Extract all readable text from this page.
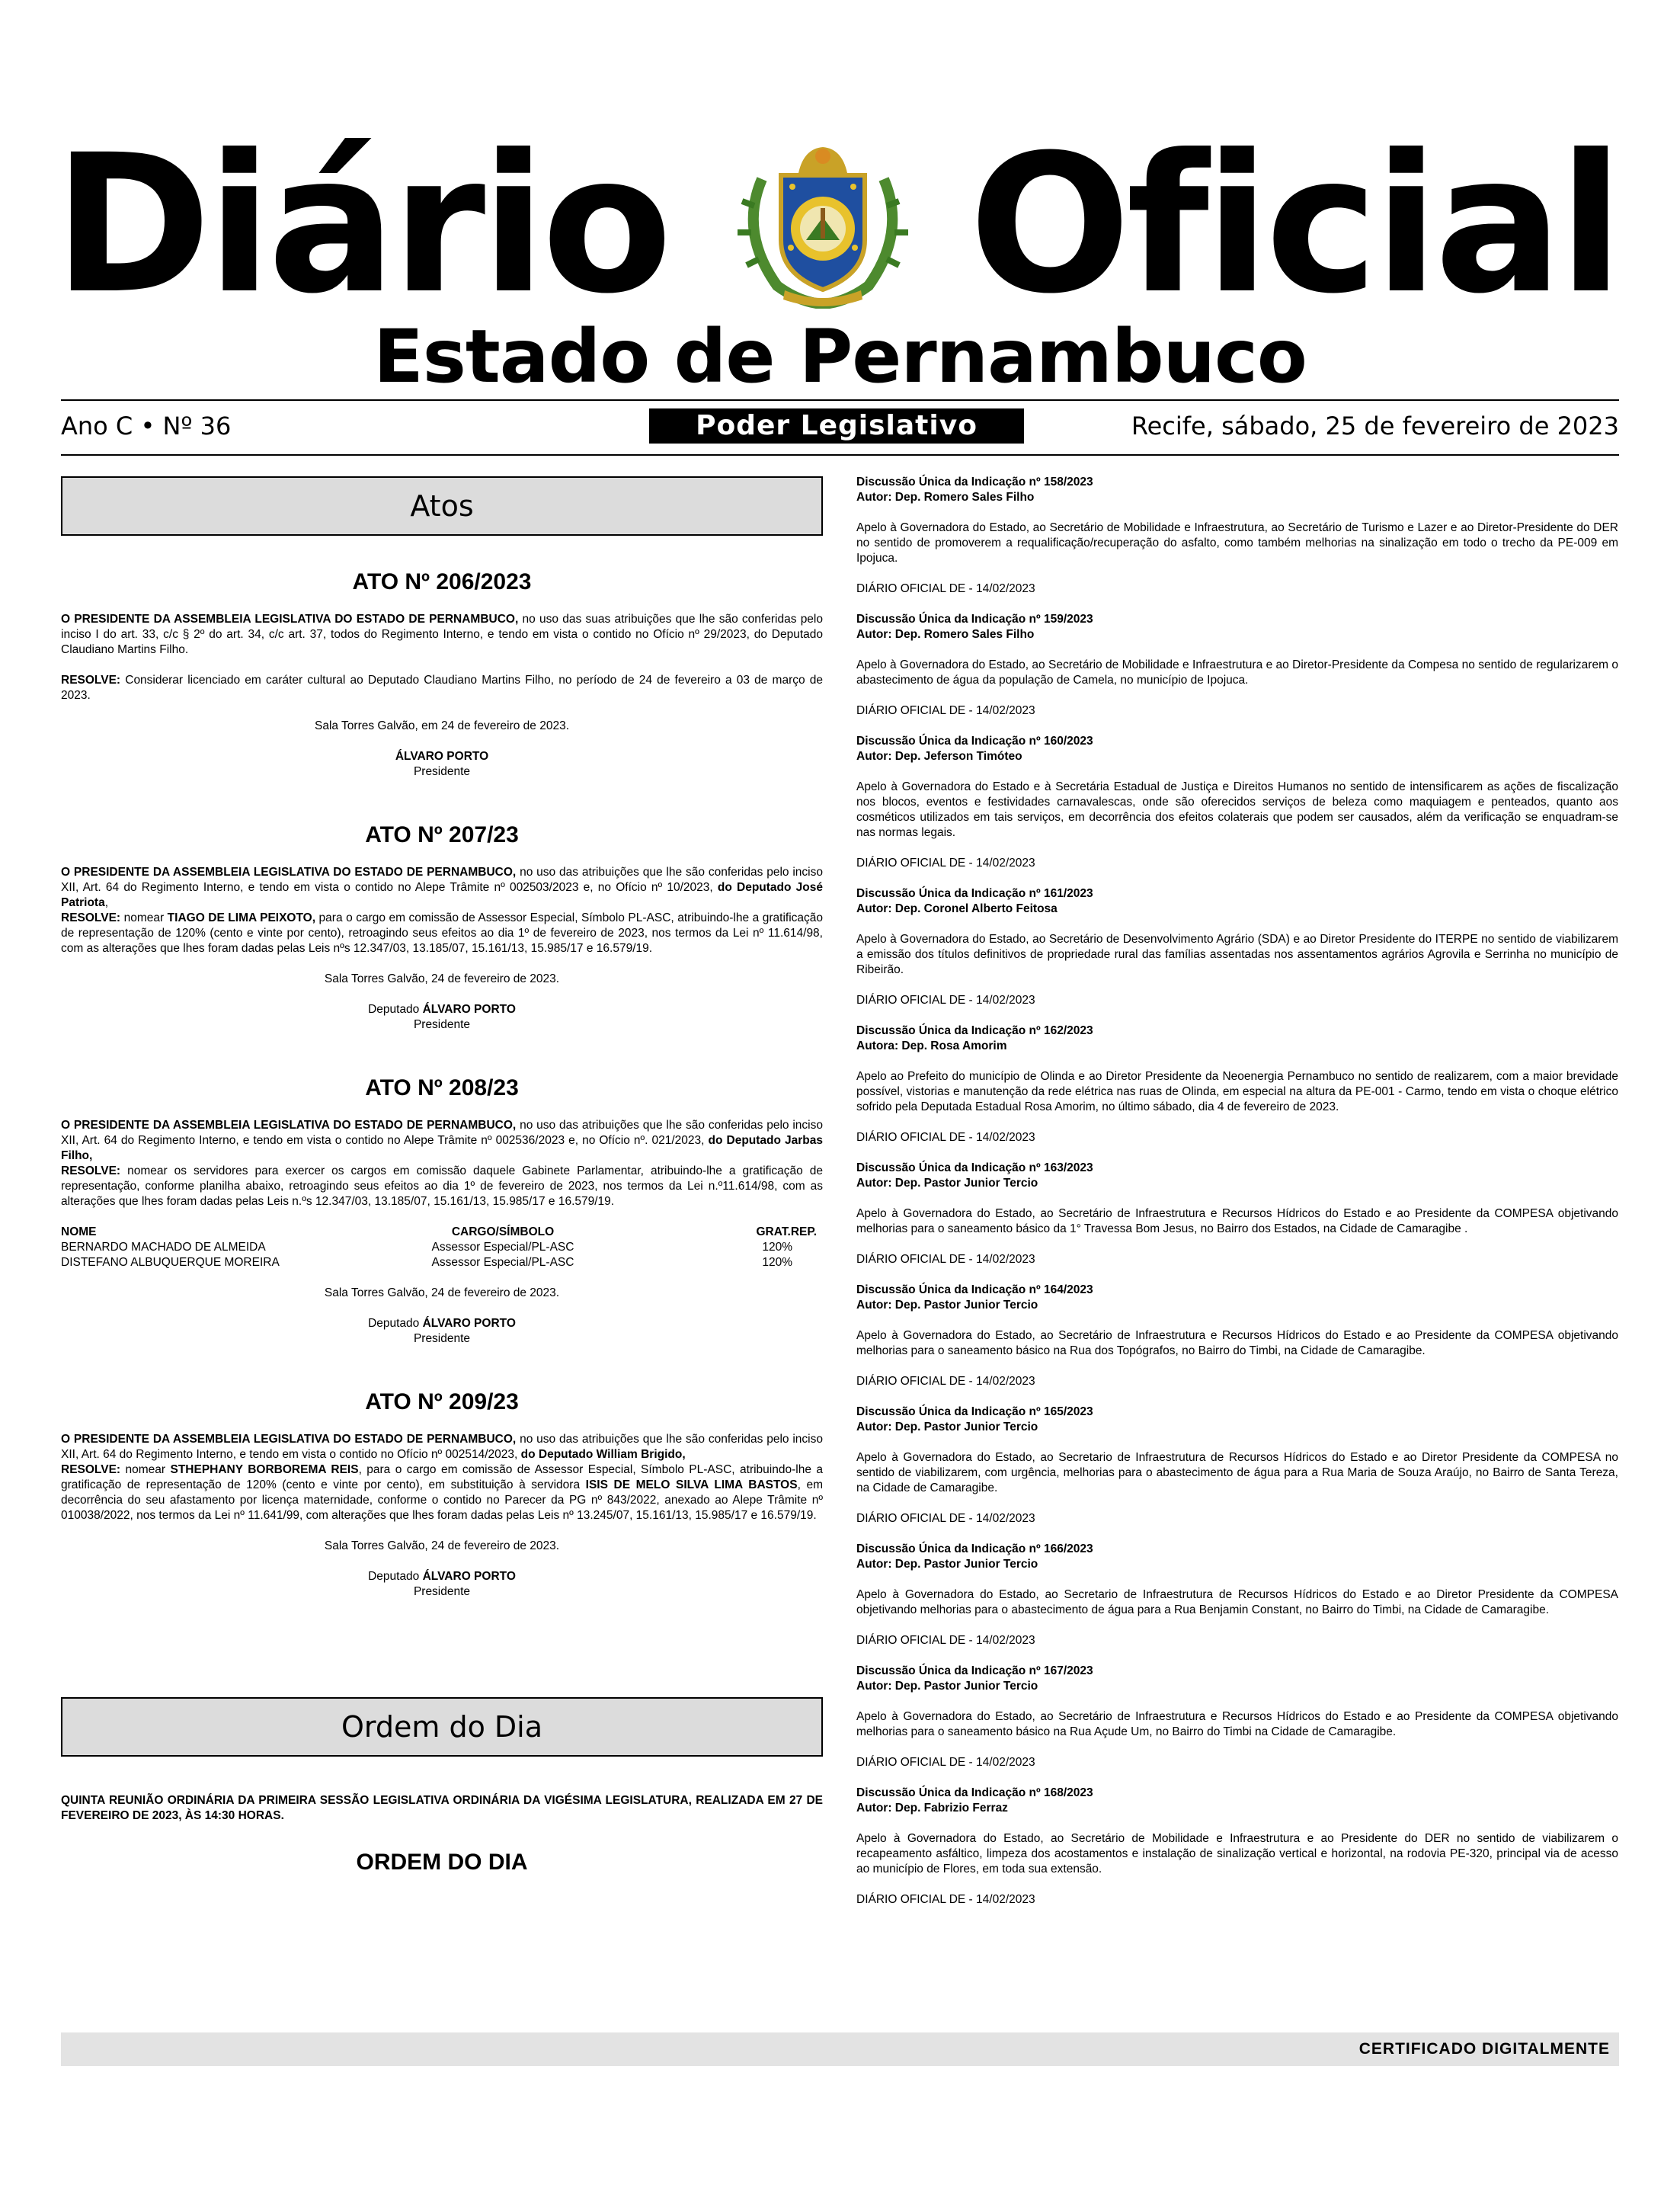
Diário Oficial
Estado de Pernambuco
Ano C • Nº 36	Poder Legislativo	Recife, sábado, 25 de fevereiro de 2023
Atos

ATO Nº 206/2023

O PRESIDENTE DA ASSEMBLEIA LEGISLATIVA DO ESTADO DE PERNAMBUCO, no uso das suas atribuições que lhe são conferidas pelo inciso I do art. 33, c/c § 2º do art. 34, c/c art. 37, todos do Regimento Interno, e tendo em vista o contido no Ofício nº 29/2023, do Deputado Claudiano Martins Filho.

RESOLVE: Considerar licenciado em caráter cultural ao Deputado Claudiano Martins Filho, no período de 24 de fevereiro a 03 de março de 2023.

Sala Torres Galvão, em 24 de fevereiro de 2023.

ÁLVARO PORTO

Presidente

ATO Nº 207/23

O PRESIDENTE DA ASSEMBLEIA LEGISLATIVA DO ESTADO DE PERNAMBUCO, no uso das atribuições que lhe são conferidas pelo inciso XII, Art. 64 do Regimento Interno, e tendo em vista o contido no Alepe Trâmite nº 002503/2023 e, no Ofício nº 10/2023, do Deputado José Patriota,

RESOLVE: nomear TIAGO DE LIMA PEIXOTO, para o cargo em comissão de Assessor Especial, Símbolo PL-ASC, atribuindo-lhe a gratificação de representação de 120% (cento e vinte por cento), retroagindo seus efeitos ao dia 1º de fevereiro de 2023, nos termos da Lei nº 11.614/98, com as alterações que lhes foram dadas pelas Leis nºs 12.347/03, 13.185/07, 15.161/13, 15.985/17 e 16.579/19.

Sala Torres Galvão, 24 de fevereiro de 2023.

Deputado ÁLVARO PORTO

Presidente

ATO Nº 208/23

O PRESIDENTE DA ASSEMBLEIA LEGISLATIVA DO ESTADO DE PERNAMBUCO, no uso das atribuições que lhe são conferidas pelo inciso XII, Art. 64 do Regimento Interno, e tendo em vista o contido no Alepe Trâmite nº 002536/2023 e, no Ofício nº. 021/2023, do Deputado Jarbas Filho,

RESOLVE: nomear os servidores para exercer os cargos em comissão daquele Gabinete Parlamentar, atribuindo-lhe a gratificação de representação, conforme planilha abaixo, retroagindo seus efeitos ao dia 1º de fevereiro de 2023, nos termos da Lei n.º11.614/98, com as alterações que lhes foram dadas pelas Leis n.ºs 12.347/03, 13.185/07, 15.161/13, 15.985/17 e 16.579/19.

NOME	CARGO/SÍMBOLO	GRAT.REP.
BERNARDO MACHADO DE ALMEIDA	Assessor Especial/PL-ASC	120%
DISTEFANO ALBUQUERQUE MOREIRA	Assessor Especial/PL-ASC	120%

Sala Torres Galvão, 24 de fevereiro de 2023.

Deputado ÁLVARO PORTO

Presidente

ATO Nº 209/23

O PRESIDENTE DA ASSEMBLEIA LEGISLATIVA DO ESTADO DE PERNAMBUCO, no uso das atribuições que lhe são conferidas pelo inciso XII, Art. 64 do Regimento Interno, e tendo em vista o contido no Ofício nº 002514/2023, do Deputado William Brigido,

RESOLVE: nomear STHEPHANY BORBOREMA REIS, para o cargo em comissão de Assessor Especial, Símbolo PL-ASC, atribuindo-lhe a gratificação de representação de 120% (cento e vinte por cento), em substituição à servidora ISIS DE MELO SILVA LIMA BASTOS, em decorrência do seu afastamento por licença maternidade, conforme o contido no Parecer da PG nº 843/2022, anexado ao Alepe Trâmite nº 010038/2022, nos termos da Lei nº 11.641/99, com alterações que lhes foram dadas pelas Leis nº 13.245/07, 15.161/13, 15.985/17 e 16.579/19.

Sala Torres Galvão, 24 de fevereiro de 2023.

Deputado ÁLVARO PORTO

Presidente

Ordem do Dia

QUINTA REUNIÃO ORDINÁRIA DA PRIMEIRA SESSÃO LEGISLATIVA ORDINÁRIA DA VIGÉSIMA LEGISLATURA, REALIZADA EM 27 DE FEVEREIRO DE 2023, ÀS 14:30 HORAS.

ORDEM DO DIA

Discussão Única da Indicação nº 158/2023

Autor: Dep. Romero Sales Filho

Apelo à Governadora do Estado, ao Secretário de Mobilidade e Infraestrutura, ao Secretário de Turismo e Lazer e ao Diretor-Presidente do DER no sentido de promoverem a requalificação/recuperação do asfalto, como também melhorias na sinalização em todo o trecho da PE-009 em Ipojuca.

DIÁRIO OFICIAL DE - 14/02/2023

Discussão Única da Indicação nº 159/2023

Autor: Dep. Romero Sales Filho

Apelo à Governadora do Estado, ao Secretário de Mobilidade e Infraestrutura e ao Diretor-Presidente da Compesa no sentido de regularizarem o abastecimento de água da população de Camela, no município de Ipojuca.

DIÁRIO OFICIAL DE - 14/02/2023

Discussão Única da Indicação nº 160/2023

Autor: Dep. Jeferson Timóteo

Apelo à Governadora do Estado e à Secretária Estadual de Justiça e Direitos Humanos no sentido de intensificarem as ações de fiscalização nos blocos, eventos e festividades carnavalescas, onde são oferecidos serviços de beleza como maquiagem e penteados, quanto aos cosméticos utilizados em tais serviços, em decorrência dos efeitos colaterais que podem ser causados, além da verificação se enquadram-se nas normas legais.

DIÁRIO OFICIAL DE - 14/02/2023

Discussão Única da Indicação nº 161/2023

Autor: Dep. Coronel Alberto Feitosa

Apelo à Governadora do Estado, ao Secretário de Desenvolvimento Agrário (SDA) e ao Diretor Presidente do ITERPE no sentido de viabilizarem a emissão dos títulos definitivos de propriedade rural das famílias assentadas nos assentamentos agrários Agrovila e Serrinha no município de Ribeirão.

DIÁRIO OFICIAL DE - 14/02/2023

Discussão Única da Indicação nº 162/2023

Autora: Dep. Rosa Amorim

Apelo ao Prefeito do município de Olinda e ao Diretor Presidente da Neoenergia Pernambuco no sentido de realizarem, com a maior brevidade possível, vistorias e manutenção da rede elétrica nas ruas de Olinda, em especial na altura da PE-001 - Carmo, tendo em vista o choque elétrico sofrido pela Deputada Estadual Rosa Amorim, no último sábado, dia 4 de fevereiro de 2023.

DIÁRIO OFICIAL DE - 14/02/2023

Discussão Única da Indicação nº 163/2023

Autor: Dep. Pastor Junior Tercio

Apelo à Governadora do Estado, ao Secretário de Infraestrutura e Recursos Hídricos do Estado e ao Presidente da COMPESA objetivando melhorias para o saneamento básico da 1° Travessa Bom Jesus, no Bairro dos Estados, na Cidade de Camaragibe .

DIÁRIO OFICIAL DE - 14/02/2023

Discussão Única da Indicação nº 164/2023

Autor: Dep. Pastor Junior Tercio

Apelo à Governadora do Estado, ao Secretário de Infraestrutura e Recursos Hídricos do Estado e ao Presidente da COMPESA objetivando melhorias para o saneamento básico na Rua dos Topógrafos, no Bairro do Timbi, na Cidade de Camaragibe.

DIÁRIO OFICIAL DE - 14/02/2023

Discussão Única da Indicação nº 165/2023

Autor: Dep. Pastor Junior Tercio

Apelo à Governadora do Estado, ao Secretario de Infraestrutura de Recursos Hídricos do Estado e ao Diretor Presidente da COMPESA no sentido de viabilizarem, com urgência, melhorias para o abastecimento de água para a Rua Maria de Souza Araújo, no Bairro de Santa Tereza, na Cidade de Camaragibe.

DIÁRIO OFICIAL DE - 14/02/2023

Discussão Única da Indicação nº 166/2023

Autor: Dep. Pastor Junior Tercio

Apelo à Governadora do Estado, ao Secretario de Infraestrutura de Recursos Hídricos do Estado e ao Diretor Presidente da COMPESA objetivando melhorias para o abastecimento de água para a Rua Benjamin Constant, no Bairro do Timbi, na Cidade de Camaragibe.

DIÁRIO OFICIAL DE - 14/02/2023

Discussão Única da Indicação nº 167/2023

Autor: Dep. Pastor Junior Tercio

Apelo à Governadora do Estado, ao Secretário de Infraestrutura e Recursos Hídricos do Estado e ao Presidente da COMPESA objetivando melhorias para o saneamento básico na Rua Açude Um, no Bairro do Timbi na Cidade de Camaragibe.

DIÁRIO OFICIAL DE - 14/02/2023

Discussão Única da Indicação nº 168/2023

Autor: Dep. Fabrizio Ferraz

Apelo à Governadora do Estado, ao Secretário de Mobilidade e Infraestrutura e ao Presidente do DER no sentido de viabilizarem o recapeamento asfáltico, limpeza dos acostamentos e instalação de sinalização vertical e horizontal, na rodovia PE-320, principal via de acesso ao município de Flores, em toda sua extensão.

DIÁRIO OFICIAL DE - 14/02/2023

CERTIFICADO DIGITALMENTE
